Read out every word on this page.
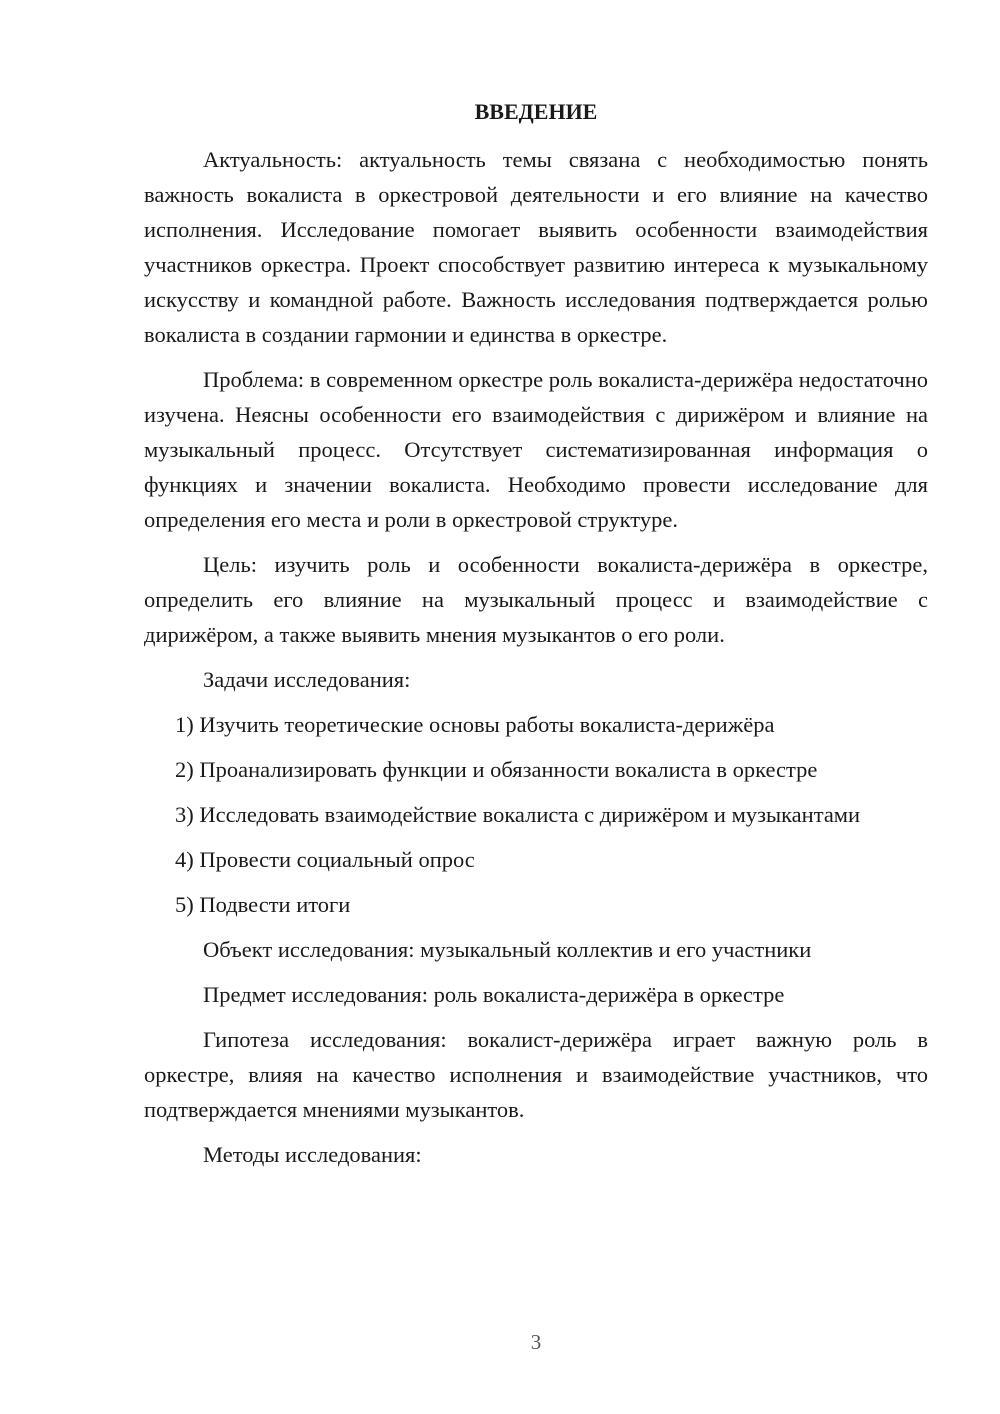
ВВЕДЕНИЕ

Актуальность: актуальность темы связана с необходимостью понять важность вокалиста в оркестровой деятельности и его влияние на качество исполнения. Исследование помогает выявить особенности взаимодействия участников оркестра. Проект способствует развитию интереса к музыкальному искусству и командной работе. Важность исследования подтверждается ролью вокалиста в создании гармонии и единства в оркестре.

Проблема: в современном оркестре роль вокалиста-дерижёра недостаточно изучена. Неясны особенности его взаимодействия с дирижёром и влияние на музыкальный процесс. Отсутствует систематизированная информация о функциях и значении вокалиста. Необходимо провести исследование для определения его места и роли в оркестровой структуре.

Цель: изучить роль и особенности вокалиста-дерижёра в оркестре, определить его влияние на музыкальный процесс и взаимодействие с дирижёром, а также выявить мнения музыкантов о его роли.

Задачи исследования:

1) Изучить теоретические основы работы вокалиста-дерижёра

2) Проанализировать функции и обязанности вокалиста в оркестре

3) Исследовать взаимодействие вокалиста с дирижёром и музыкантами

4) Провести социальный опрос

5) Подвести итоги

Объект исследования: музыкальный коллектив и его участники

Предмет исследования: роль вокалиста-дерижёра в оркестре

Гипотеза исследования: вокалист-дерижёра играет важную роль в оркестре, влияя на качество исполнения и взаимодействие участников, что подтверждается мнениями музыкантов.

Методы исследования:

3
